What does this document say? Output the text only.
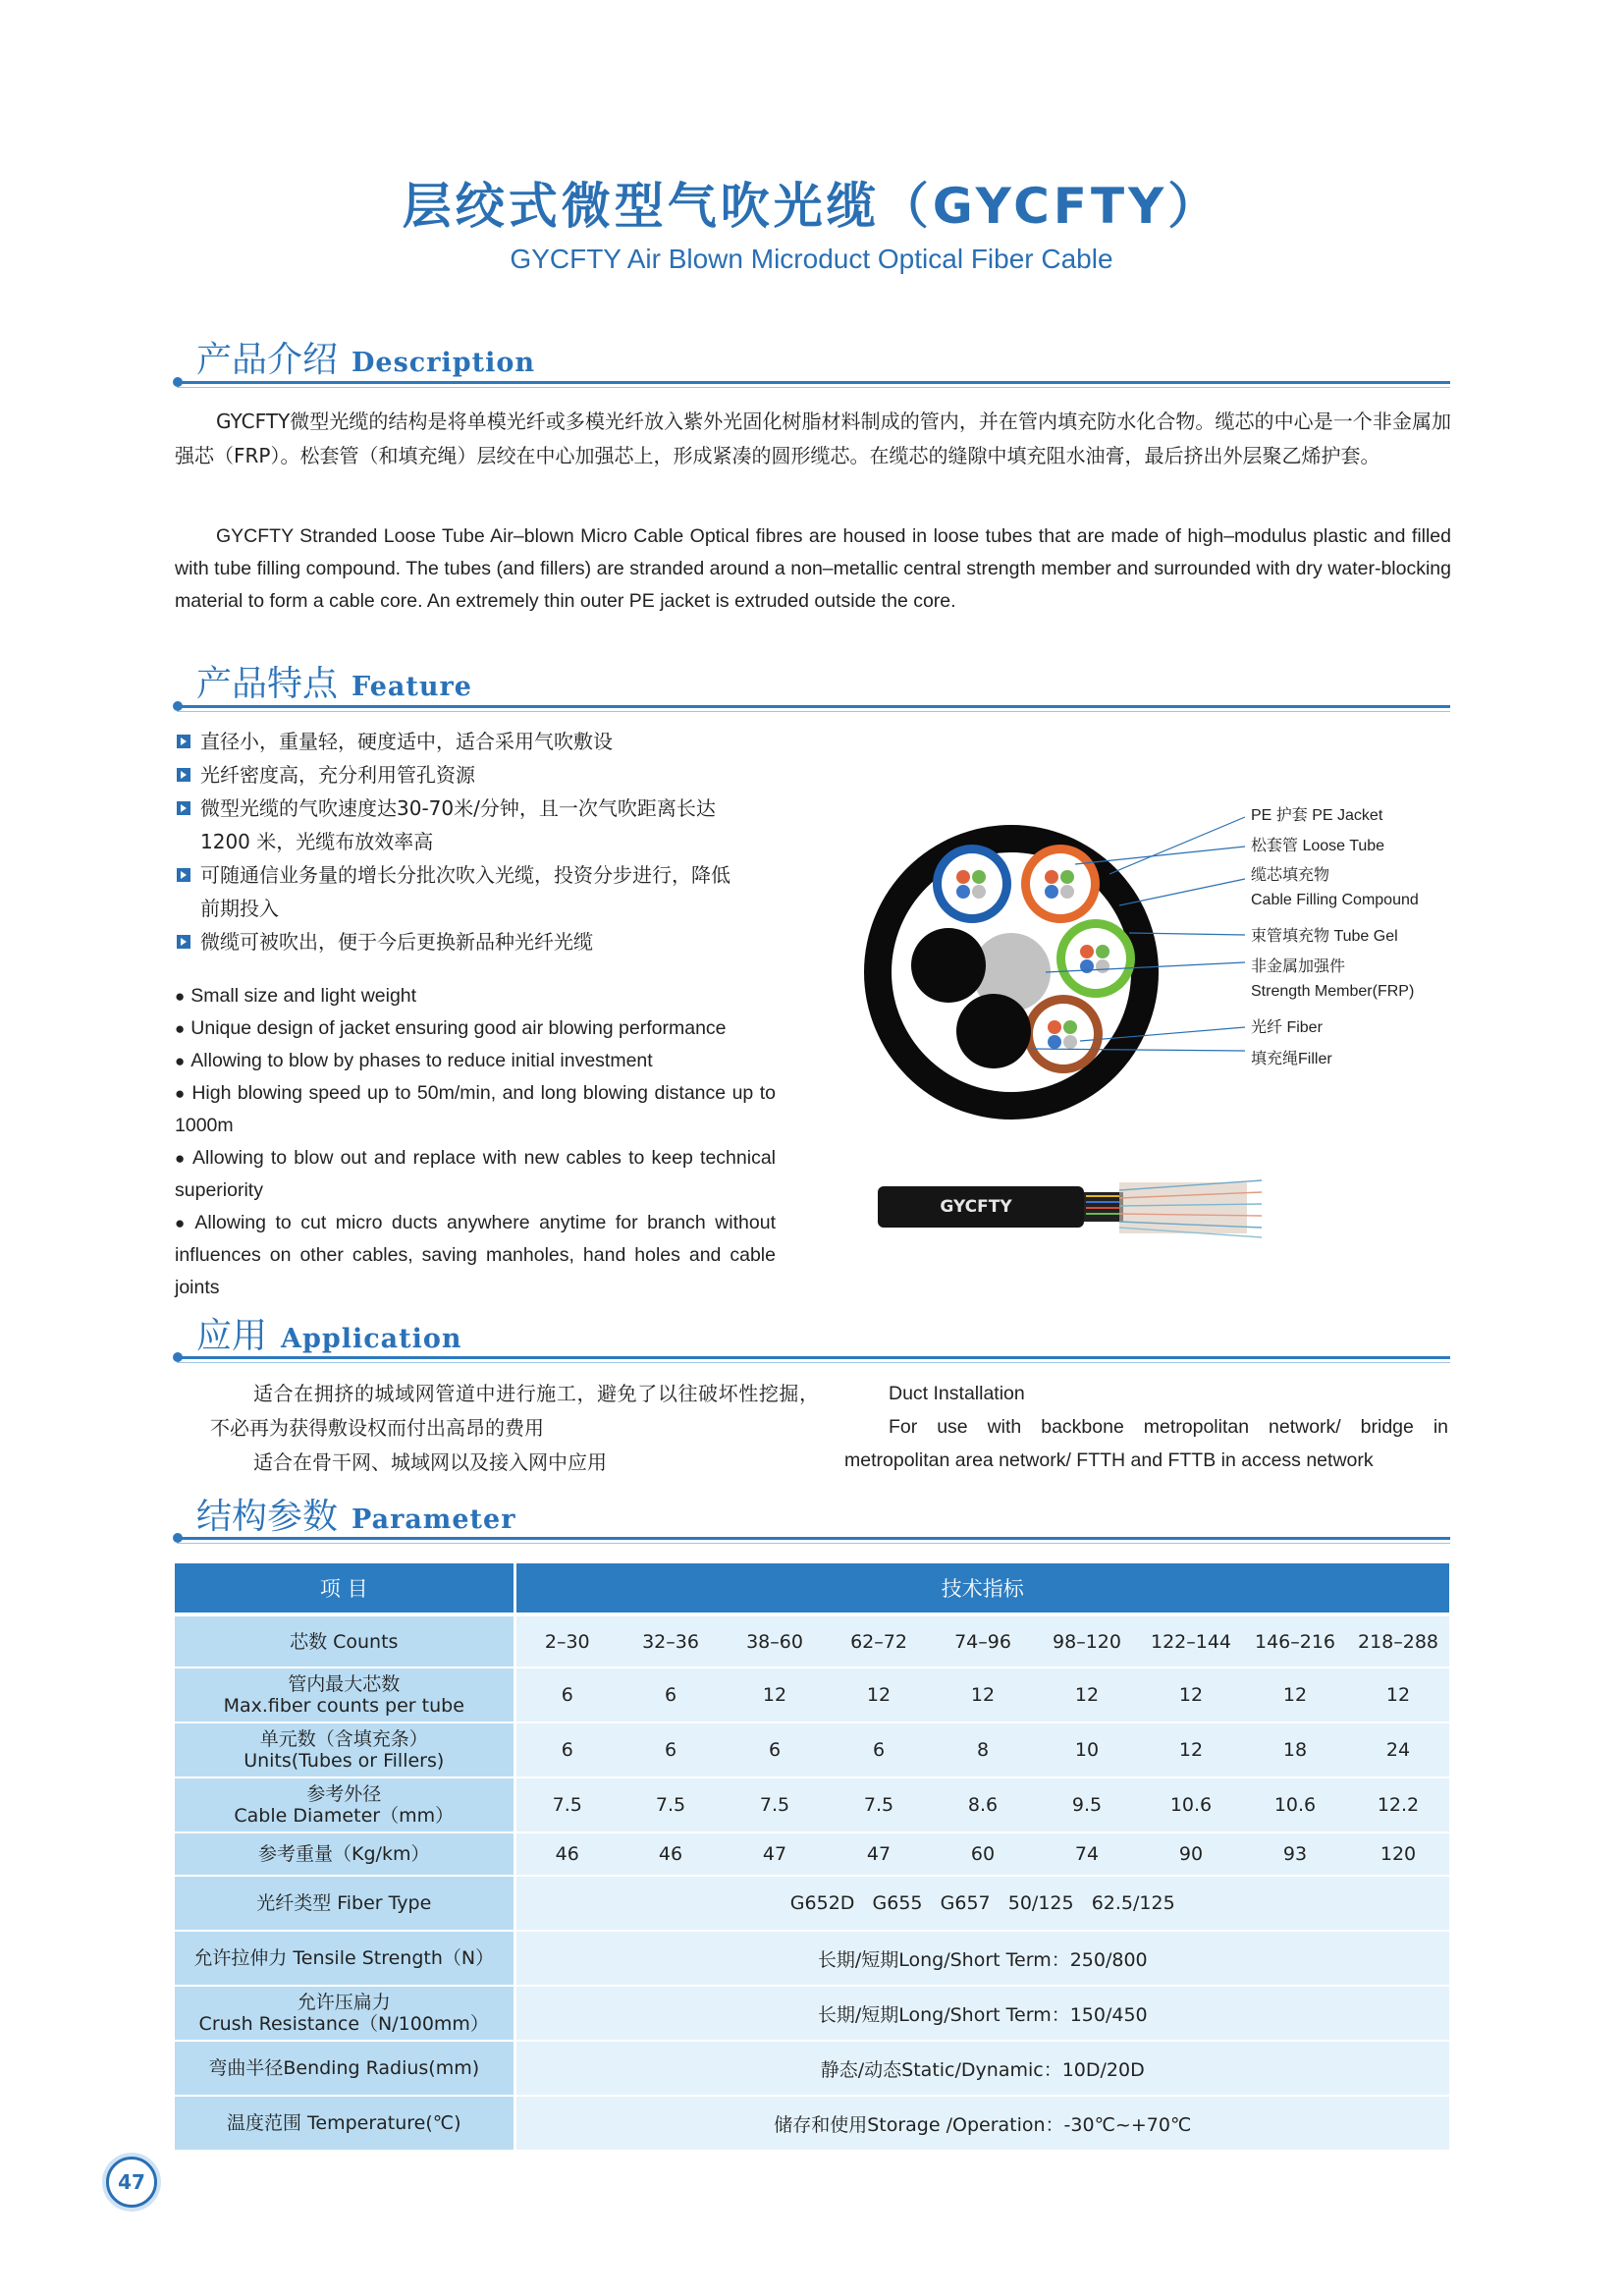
层绞式微型气吹光缆（GYCFTY）
GYCFTY Air Blown Microduct Optical Fiber Cable
产品介绍 Description
GYCFTY微型光缆的结构是将单模光纤或多模光纤放入紫外光固化树脂材料制成的管内，并在管内填充防水化合物。缆芯的中心是一个非金属加强芯（FRP）。松套管（和填充绳）层绞在中心加强芯上，形成紧凑的圆形缆芯。在缆芯的缝隙中填充阻水油膏，最后挤出外层聚乙烯护套。
GYCFTY Stranded Loose Tube Air–blown Micro Cable Optical fibres are housed in loose tubes that are made of high–modulus plastic and filled with tube filling compound. The tubes (and fillers) are stranded around a non–metallic central strength member and surrounded with dry water-blocking material to form a cable core. An extremely thin outer PE jacket is extruded outside the core.
产品特点 Feature
直径小，重量轻，硬度适中，适合采用气吹敷设
光纤密度高，充分利用管孔资源
微型光缆的气吹速度达30-70米/分钟，且一次气吹距离长达
1200 米，光缆布放效率高
可随通信业务量的增长分批次吹入光缆，投资分步进行，降低
前期投入
微缆可被吹出，便于今后更换新品种光纤光缆
● Small size and light weight
● Unique design of jacket ensuring good air blowing performance
● Allowing to blow by phases to reduce initial investment
● High blowing speed up to 50m/min, and long blowing distance up to 1000m
● Allowing to blow out and replace with new cables to keep technical superiority
● Allowing to cut micro ducts anywhere anytime for branch without influences on other cables, saving manholes, hand holes and cable joints
PE 护套 PE Jacket
松套管 Loose Tube
缆芯填充物
Cable Filling Compound
束管填充物 Tube Gel
非金属加强件
Strength Member(FRP)
光纤 Fiber
填充绳Filler
GYCFTY
应用 Application
适合在拥挤的城域网管道中进行施工，避免了以往破坏性挖掘，不必再为获得敷设权而付出高昂的费用
适合在骨干网、城域网以及接入网中应用
Duct Installation
For use with backbone metropolitan network/ bridge in metropolitan area network/ FTTH and FTTB in access network
结构参数 Parameter
项 目	技术指标								

芯数 Counts	2–30	32–36	38–60	62–72	74–96	98–120	122–144	146–216	218–288

管内最大芯数
Max.fiber counts per tube	6	6	12	12	12	12	12	12	12

单元数（含填充条）
Units(Tubes or Fillers)	6	6	6	6	8	10	12	18	24

参考外径
Cable Diameter（mm）	7.5	7.5	7.5	7.5	8.6	9.5	10.6	10.6	12.2

参考重量（Kg/km）	46	46	47	47	60	74	90	93	120

光纤类型 Fiber Type	G652D   G655   G657   50/125   62.5/125								

允许拉伸力 Tensile Strength（N）	长期/短期Long/Short Term：250/800								

允许压扁力
Crush Resistance（N/100mm）	长期/短期Long/Short Term：150/450								

弯曲半径Bending Radius(mm)	静态/动态Static/Dynamic：10D/20D								

温度范围 Temperature(℃)	储存和使用Storage /Operation：-30℃~+70℃								
47
